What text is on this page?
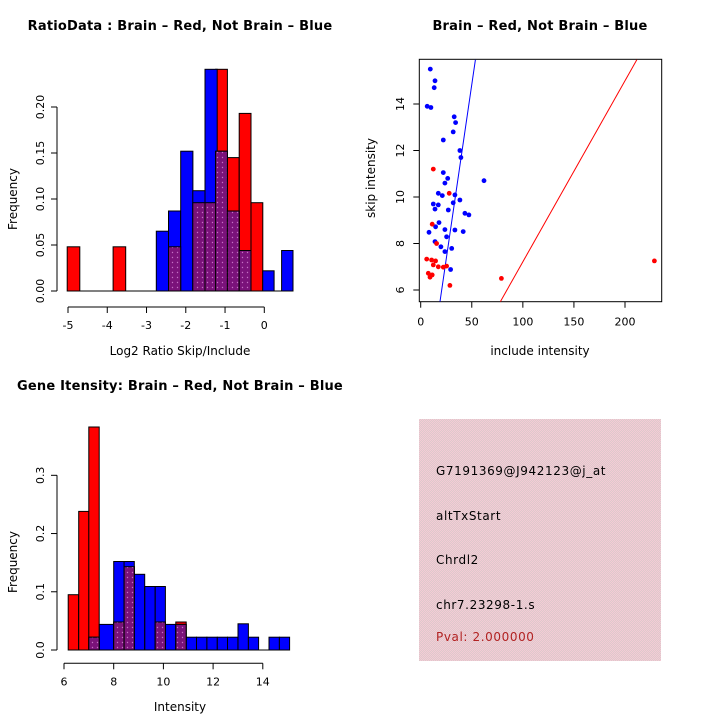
0.00
0.05
0.10
0.15
0.20
-5	-4	-3	-2	-1	0
RatioData : Brain – Red, Not Brain – Blue
Frequency
Log2 Ratio Skip/Include
0	50	100	150	200
6
8
10
12
14
Brain – Red, Not Brain – Blue
skip intensity
include intensity
0.0
0.1
0.2
0.3
6	8	10	12	14
Gene Itensity: Brain – Red, Not Brain – Blue
Frequency
Intensity
G7191369@J942123@j_at
altTxStart
Chrdl2
chr7.23298-1.s
Pval: 2.000000
